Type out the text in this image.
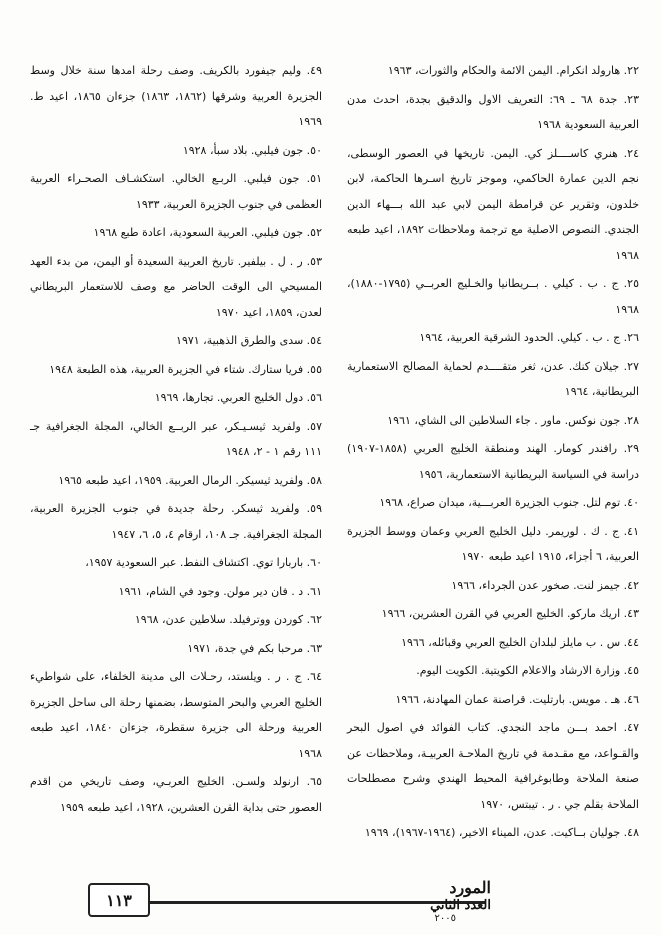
٢٢. هارولد انكرام. اليمن الائمة والحكام والثورات، ١٩٦٣

٢٣. جدة ٦٨ ـ ٦٩: التعريف الاول والدقيق بجدة، احدث مدن العربية السعودية ١٩٦٨

٢٤. هنري كاســــلز كي. اليمن. تاريخها في العصور الوسطى، نجم الدين عمارة الحاكمي، وموجز تاريخ اسـرها الحاكمة، لابن خلدون، وتقرير عن قرامطة اليمن لابي عبد الله بـــهاء الدين الجندي. النصوص الاصلية مع ترجمة وملاحظات ١٨٩٢، اعيد طبعه ١٩٦٨

٢٥. ج . ب . كيلي . بــريطانيا والخـليج العربــي (١٧٩٥-١٨٨٠)، ١٩٦٨

٢٦. ج . ب . كيلي. الحدود الشرقية العربية، ١٩٦٤

٢٧. جيلان كنك. عدن، ثغر متقــــدم لحماية المصالح الاستعمارية البريطانية، ١٩٦٤

٢٨. جون نوكس. ماور . جاء السلاطين الى الشاي، ١٩٦١

٢٩. رافندر كومار. الهند ومنطقة الخليج العربي (١٨٥٨-١٩٠٧) دراسة في السياسة البريطانية الاستعمارية، ١٩٥٦

٤٠. توم لتل. جنوب الجزيرة العربـــية، ميدان صراع، ١٩٦٨

٤١. ج . ك . لوريمر. دليل الخليج العربي وعمان ووسط الجزيرة العربية، ٦ أجزاء، ١٩١٥ اعيد طبعه ١٩٧٠

٤٢. جيمز لنت. صخور عدن الجرداء، ١٩٦٦

٤٣. اريك ماركو. الخليج العربي في القرن العشرين، ١٩٦٦

٤٤. س . ب مايلز لبلدان الخليج العربي وقبائله، ١٩٦٦

٤٥. وزارة الارشاد والاعلام الكويتية. الكويت اليوم.

٤٦. هـ . مويس. بارتليت. قراصنة عمان المهادنة، ١٩٦٦

٤٧. احمد بـــن ماجد النجدي. كتاب الفوائد في اصول البحر والقـواعد، مع مقـدمة في تاريخ الملاحـة العربيـة، وملاحظات عن صنعة الملاحة وطابوغرافية المحيط الهندي وشرح مصطلحات الملاحة بقلم جي . ر . تيبتس، ١٩٧٠

٤٨. جوليان بــاكيت. عدن، الميناء الاخير، (١٩٦٤-١٩٦٧)، ١٩٦٩

٤٩. وليم جيفورد بالكريف. وصف رحلة امدها سنة خلال وسط الجزيرة العربية وشرقها (١٨٦٢، ١٨٦٣) جزءان ١٨٦٥، اعيد ط. ١٩٦٩

٥٠. جون فيلبي. بلاد سبأ، ١٩٢٨

٥١. جون فيلبي. الربـع الخالي. استكشـاف الصحـراء العربية العظمى في جنوب الجزيرة العربية، ١٩٣٣

٥٢. جون فيلبي. العربية السعودية، اعادة طبع ١٩٦٨

٥٣. ر . ل . بيلفير. تاريخ العربية السعيدة أو اليمن، من بدء العهد المسيحي الى الوقت الحاضر مع وصف للاستعمار البريطاني لعدن، ١٨٥٩، اعيد ١٩٧٠

٥٤. سدى والطرق الذهبية، ١٩٧١

٥٥. فريا ستارك. شتاء في الجزيرة العربية، هذه الطبعة ١٩٤٨

٥٦. دول الخليج العربي. تجارها، ١٩٦٩

٥٧. ولفريد ثيسـيـكر، عبر الربــع الخالي، المجلة الجغرافية جـ ١١١ رقم ١ - ٢، ١٩٤٨

٥٨. ولفريد ثيسيكر. الرمال العربية. ١٩٥٩، اعيد طبعه ١٩٦٥

٥٩. ولفريد ثيسكر. رحلة جديدة في جنوب الجزيرة العربية، المجلة الجغرافية. جـ ١٠٨، ارقام ٤، ٥، ٦، ١٩٤٧

٦٠. باربارا توي. اكتشاف النفط. عبر السعودية ١٩٥٧،

٦١. د . فان دير مولن. وجود في الشام، ١٩٦١

٦٢. كوردن ووترفيلد. سلاطين عدن، ١٩٦٨

٦٣. مرحبا بكم في جدة، ١٩٧١

٦٤. ج . ر . ويلستد، رحـلات الى مدينة الخلفاء، على شواطيء الخليج العربي والبحر المتوسط، بضمنها رحلة الى ساحل الجزيرة العربية ورحلة الى جزيرة سقطرة، جزءان ١٨٤٠، اعيد طبعه ١٩٦٨

٦٥. ارنولد ولسـن. الخليج العربـي، وصف تاريخي من اقدم العصور حتى بداية القرن العشرين، ١٩٢٨، اعيد طبعه ١٩٥٩

١١٣
المورد
العدد الثاني
٢٠٠٥
